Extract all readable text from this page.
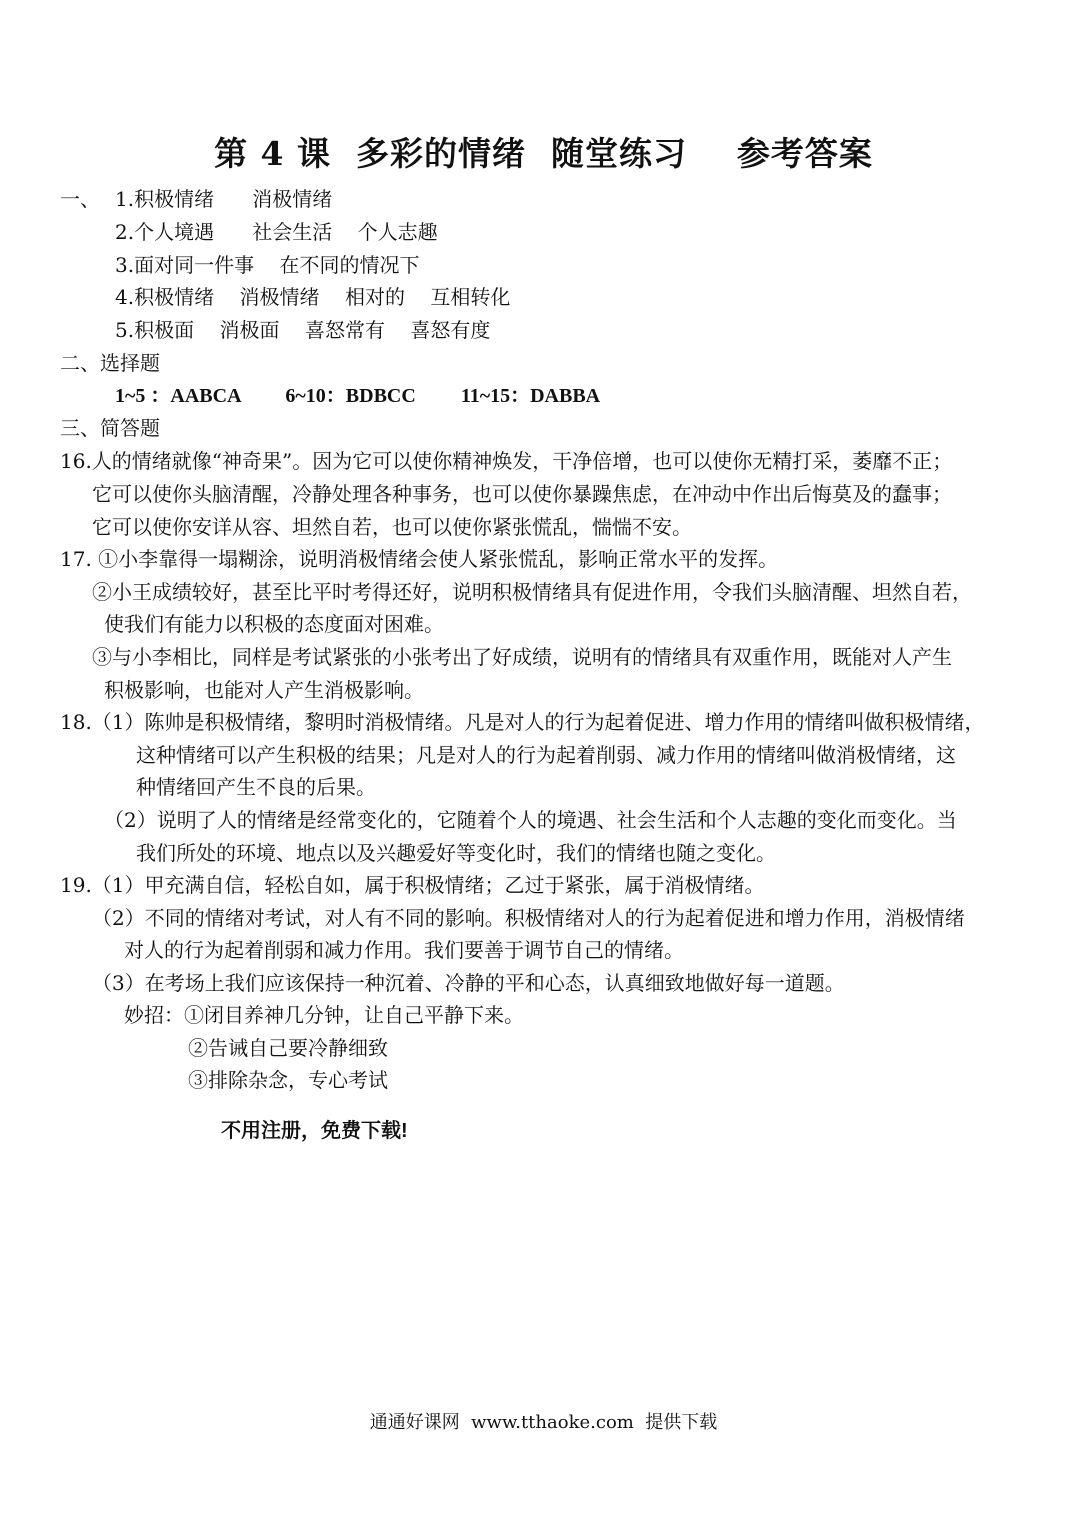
第 4 课  多彩的情绪  随堂练习    参考答案
一、 1.积极情绪      消极情绪
2.个人境遇      社会生活    个人志趣
3.面对同一件事    在不同的情况下
4.积极情绪    消极情绪    相对的    互相转化
5.积极面    消极面    喜怒常有    喜怒有度
二、选择题
1~5 ：AABCA         6~10：BDBCC         11~15：DABBA
三、简答题
16.人的情绪就像“神奇果”。因为它可以使你精神焕发，干净倍增，也可以使你无精打采，萎靡不正；
它可以使你头脑清醒，冷静处理各种事务，也可以使你暴躁焦虑，在冲动中作出后悔莫及的蠢事；
它可以使你安详从容、坦然自若，也可以使你紧张慌乱，惴惴不安。
17. ①小李靠得一塌糊涂，说明消极情绪会使人紧张慌乱，影响正常水平的发挥。
②小王成绩较好，甚至比平时考得还好，说明积极情绪具有促进作用，令我们头脑清醒、坦然自若，
使我们有能力以积极的态度面对困难。
③与小李相比，同样是考试紧张的小张考出了好成绩，说明有的情绪具有双重作用，既能对人产生
积极影响，也能对人产生消极影响。
18.（1）陈帅是积极情绪，黎明时消极情绪。凡是对人的行为起着促进、增力作用的情绪叫做积极情绪，
这种情绪可以产生积极的结果；凡是对人的行为起着削弱、减力作用的情绪叫做消极情绪，这
种情绪回产生不良的后果。
（2）说明了人的情绪是经常变化的，它随着个人的境遇、社会生活和个人志趣的变化而变化。当
我们所处的环境、地点以及兴趣爱好等变化时，我们的情绪也随之变化。
19.（1）甲充满自信，轻松自如，属于积极情绪；乙过于紧张，属于消极情绪。
（2）不同的情绪对考试，对人有不同的影响。积极情绪对人的行为起着促进和增力作用，消极情绪
对人的行为起着削弱和减力作用。我们要善于调节自己的情绪。
（3）在考场上我们应该保持一种沉着、冷静的平和心态，认真细致地做好每一道题。
妙招：①闭目养神几分钟，让自己平静下来。
②告诫自己要冷静细致
③排除杂念，专心考试
不用注册，免费下载!
通通好课网  www.tthaoke.com  提供下载
